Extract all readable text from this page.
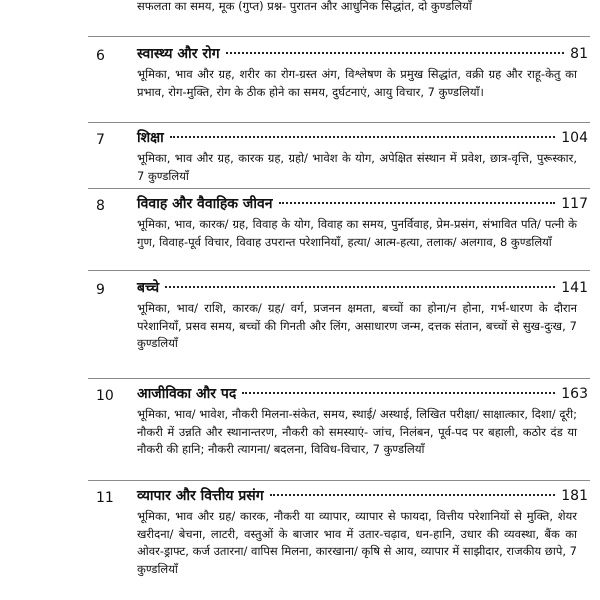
सफलता का समय, मूक (गुप्त) प्रश्न- पुरातन और आधुनिक सिद्धांत, दो कुण्डलियाँ
6 स्वास्थ्य और रोग	81
भूमिका, भाव और ग्रह, शरीर का रोग-ग्रस्त अंग, विश्लेषण के प्रमुख सिद्धांत, वक्री ग्रह और राहू-केतु का प्रभाव, रोग-मुक्ति, रोग के ठीक होने का समय, दुर्घटनाएं, आयु विचार, 7 कुण्डलियाँ।
7 शिक्षा	104
भूमिका, भाव और ग्रह, कारक ग्रह, ग्रहो/ भावेश के योग, अपेक्षित संस्थान में प्रवेश, छात्र-वृत्ति, पुरूस्कार, 7 कुण्डलियाँ
8 विवाह और वैवाहिक जीवन	117
भूमिका, भाव, कारक/ ग्रह, विवाह के योग, विवाह का समय, पुनर्विवाह, प्रेम-प्रसंग, संभावित पति/ पत्नी के गुण, विवाह-पूर्व विचार, विवाह उपरान्त परेशानियाँ, हत्या/ आत्म-हत्या, तलाक/ अलगाव, 8 कुण्डलियाँ
9 बच्चे	141
भूमिका, भाव/ राशि, कारक/ ग्रह/ वर्ग, प्रजनन क्षमता, बच्चों का होना/न होना, गर्भ-धारण के दौरान परेशानियाँ, प्रसव समय, बच्चों की गिनती और लिंग, असाधारण जन्म, दत्तक संतान, बच्चों से सुख-दुःख, 7 कुण्डलियाँ
10 आजीविका और पद	163
भूमिका, भाव/ भावेश, नौकरी मिलना-संकेत, समय, स्थाई/ अस्थाई, लिखित परीक्षा/ साक्षात्कार, दिशा/ दूरी; नौकरी में उन्नति और स्थानान्तरण, नौकरी को समस्याएं- जांच, निलंबन, पूर्व-पद पर बहाली, कठोर दंड या नौकरी की हानि; नौकरी त्यागना/ बदलना, विविध-विचार, 7 कुण्डलियाँ
11 व्यापार और वित्तीय प्रसंग	181
भूमिका, भाव और ग्रह/ कारक, नौकरी या व्यापार, व्यापार से फायदा, वित्तीय परेशानियों से मुक्ति, शेयर खरीदना/ बेचना, लाटरी, वस्तुओं के बाजार भाव में उतार-चढ़ाव, धन-हानि, उधार की व्यवस्था, बैंक का ओवर-ड्राफ्ट, कर्ज उतारना/ वापिस मिलना, कारखाना/ कृषि से आय, व्यापार में साझीदार, राजकीय छापे, 7 कुण्डलियाँ
